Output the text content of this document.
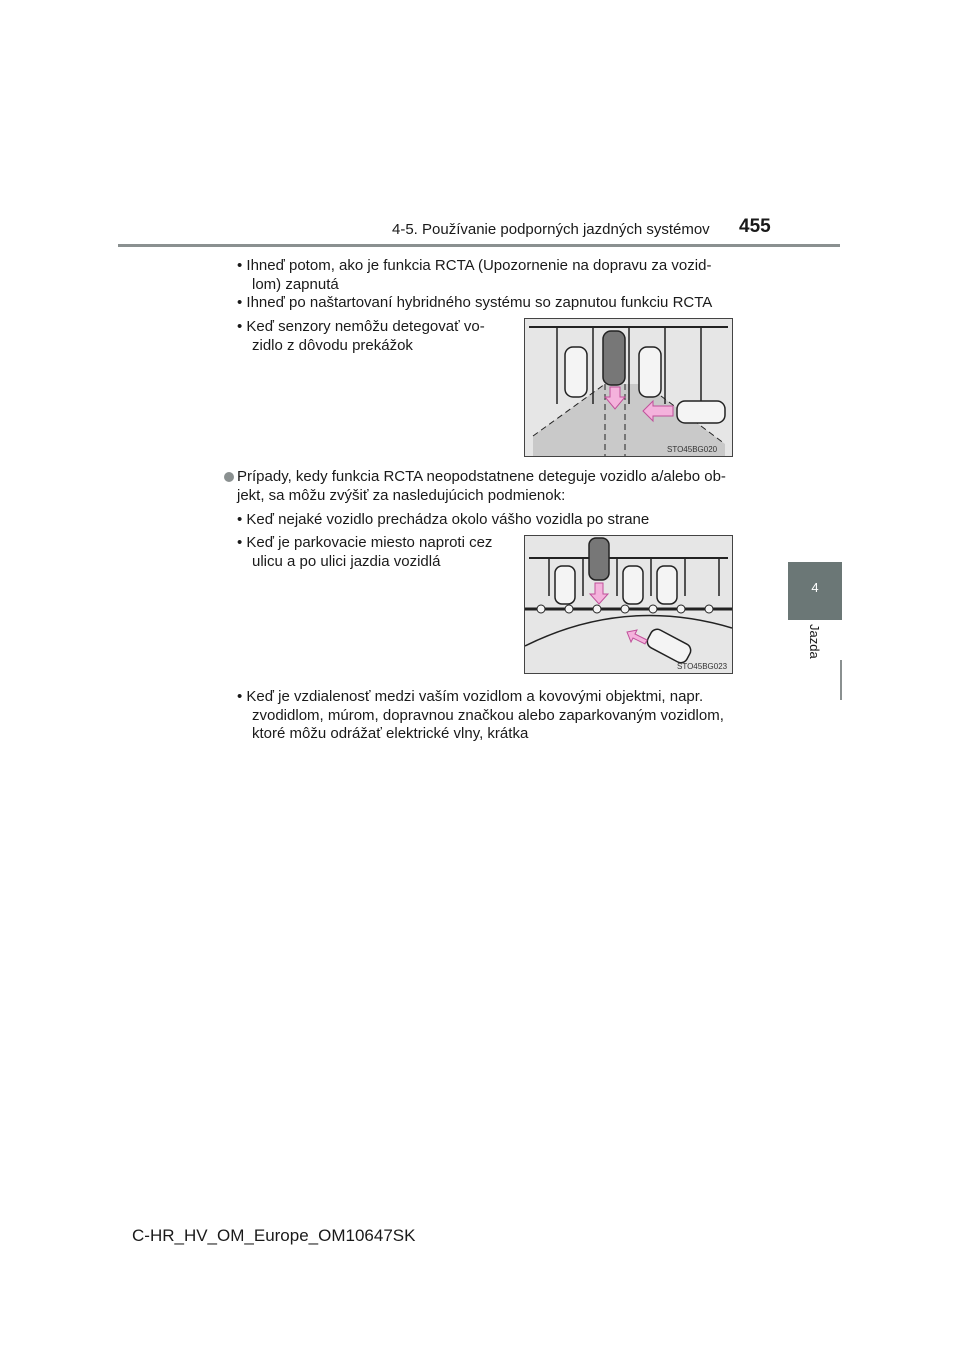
4-5. Používanie podporných jazdných systémov 455
4
Jazda
• Ihneď potom, ako je funkcia RCTA (Upozornenie na dopravu za vozid-
lom) zapnutá
• Ihneď po naštartovaní hybridného systému so zapnutou funkciu RCTA
• Keď senzory nemôžu detegovať vo-
zidlo z dôvodu prekážok
STO45BG020
Prípady, kedy funkcia RCTA neopodstatnene deteguje vozidlo a/alebo ob-
jekt, sa môžu zvýšiť za nasledujúcich podmienok:
• Keď nejaké vozidlo prechádza okolo vášho vozidla po strane
• Keď je parkovacie miesto naproti cez
ulicu a po ulici jazdia vozidlá
STO45BG023
• Keď je vzdialenosť medzi vaším vozidlom a kovovými objektmi, napr.
zvodidlom, múrom, dopravnou značkou alebo zaparkovaným vozidlom,
ktoré môžu odrážať elektrické vlny, krátka
C-HR_HV_OM_Europe_OM10647SK
